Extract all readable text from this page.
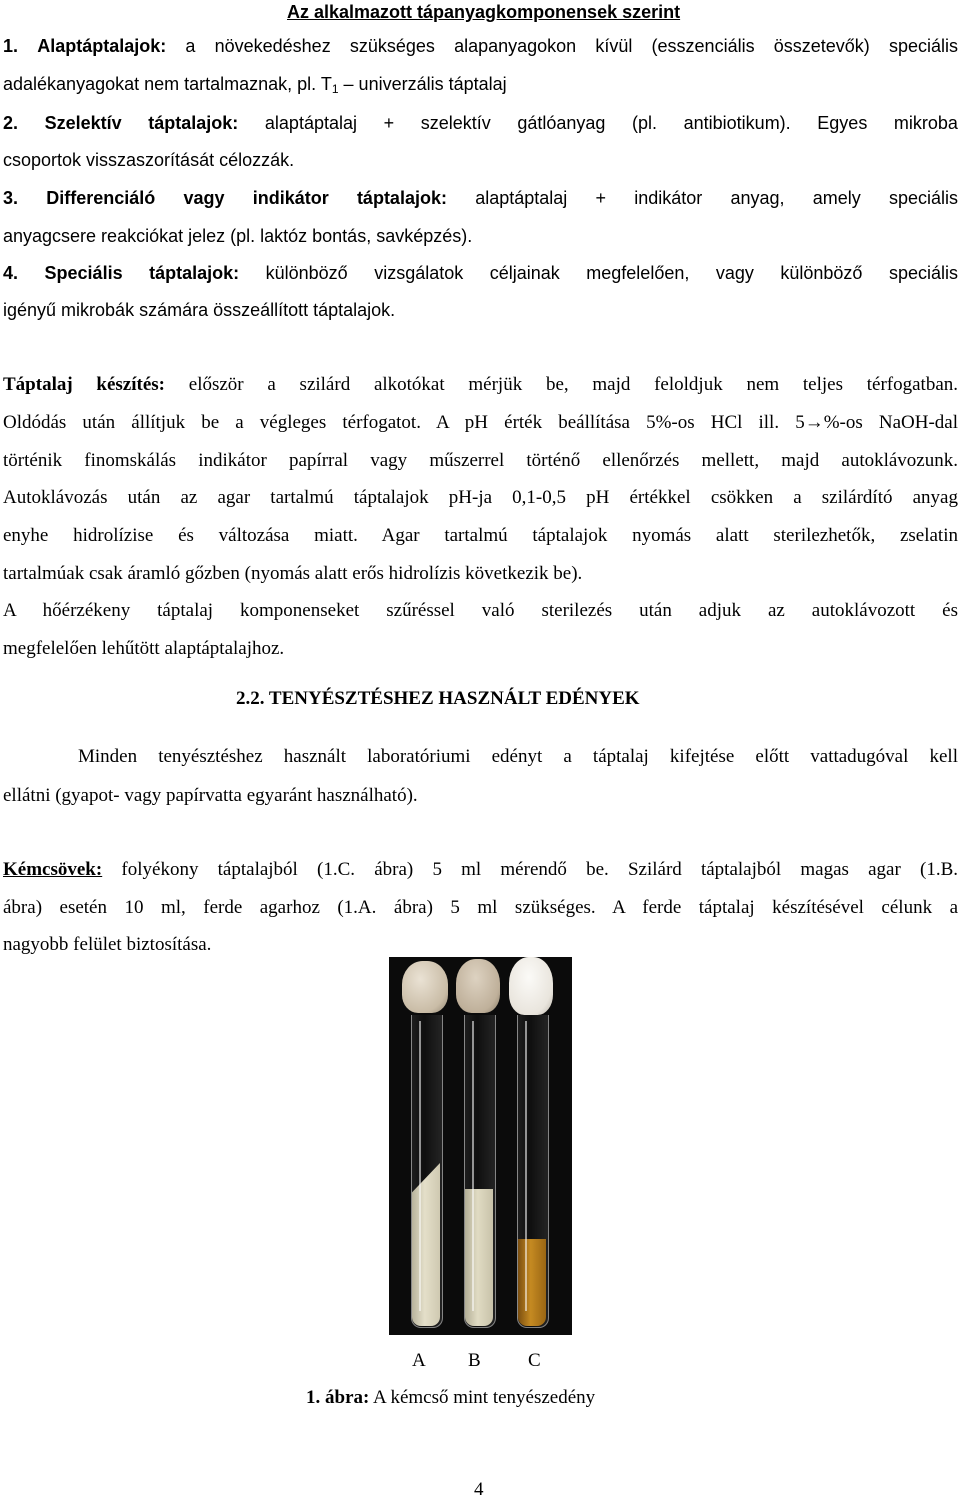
Az alkalmazott tápanyagkomponensek szerint
1. Alaptáptalajok: a növekedéshez szükséges alapanyagokon kívül (esszenciális összetevők) speciális
adalékanyagokat nem tartalmaznak, pl. $T_1$ – univerzális táptalaj
2. Szelektív táptalajok: alaptáptalaj + szelektív gátlóanyag (pl. antibiotikum). Egyes mikroba
csoportok visszaszorítását célozzák.
3. Differenciáló vagy indikátor táptalajok: alaptáptalaj + indikátor anyag, amely speciális
anyagcsere reakciókat jelez (pl. laktóz bontás, savképzés).
4. Speciális táptalajok: különböző vizsgálatok céljainak megfelelően, vagy különböző speciális
igényű mikrobák számára összeállított táptalajok.
Táptalaj készítés: először a szilárd alkotókat mérjük be, majd feloldjuk nem teljes térfogatban.
Oldódás után állítjuk be a végleges térfogatot. A pH érték beállítása 5%-os HCl ill. 5→%-os NaOH-dal
történik finomskálás indikátor papírral vagy műszerrel történő ellenőrzés mellett, majd autoklávozunk.
Autoklávozás után az agar tartalmú táptalajok pH-ja 0,1-0,5 pH értékkel csökken a szilárdító anyag
enyhe hidrolízise és változása miatt. Agar tartalmú táptalajok nyomás alatt sterilezhetők, zselatin
tartalmúak csak áramló gőzben (nyomás alatt erős hidrolízis következik be).
A hőérzékeny táptalaj komponenseket szűréssel való sterilezés után adjuk az autoklávozott és
megfelelően lehűtött alaptáptalajhoz.
2.2. TENYÉSZTÉSHEZ HASZNÁLT EDÉNYEK
Minden tenyésztéshez használt laboratóriumi edényt a táptalaj kifejtése előtt vattadugóval kell
ellátni (gyapot- vagy papírvatta egyaránt használható).
Kémcsövek: folyékony táptalajból (1.C. ábra) 5 ml mérendő be. Szilárd táptalajból magas agar (1.B.
ábra) esetén 10 ml, ferde agarhoz (1.A. ábra) 5 ml szükséges. A ferde táptalaj készítésével célunk a
nagyobb felület biztosítása.
A B C
1. ábra: A kémcső mint tenyészedény
4
